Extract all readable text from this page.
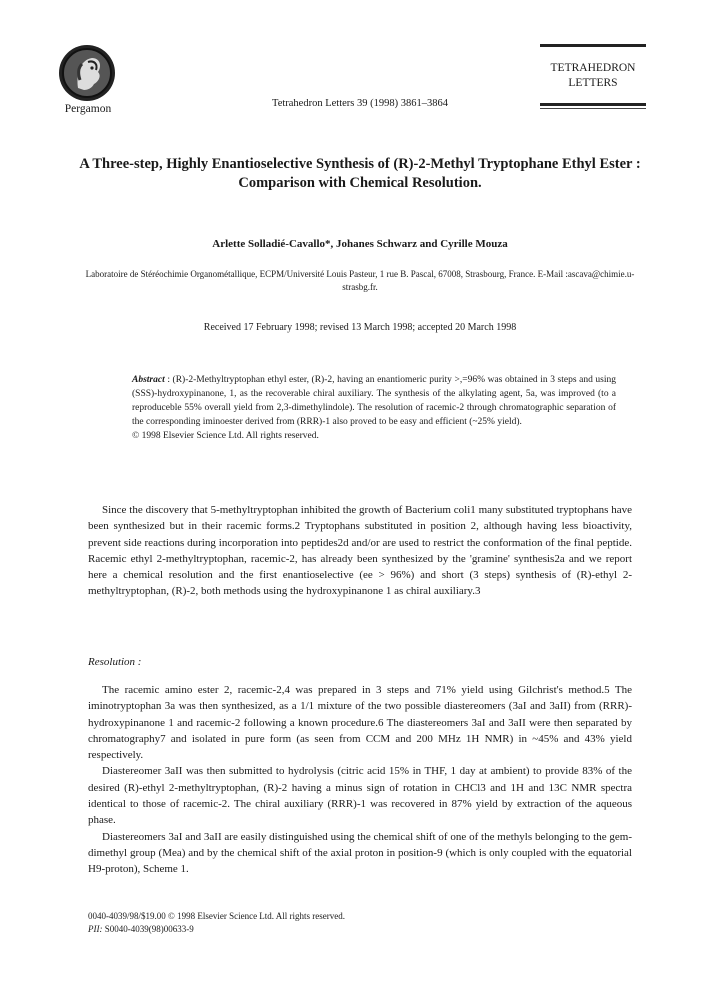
Pergamon	Tetrahedron Letters 39 (1998) 3861–3864
TETRAHEDRON
LETTERS
A Three-step, Highly Enantioselective Synthesis of (R)-2-Methyl Tryptophane Ethyl Ester : Comparison with Chemical Resolution.
Arlette Solladié-Cavallo*, Johanes Schwarz and Cyrille Mouza
Laboratoire de Stéréochimie Organométallique, ECPM/Université Louis Pasteur, 1 rue B. Pascal, 67008, Strasbourg, France. E-Mail :ascava@chimie.u-strasbg.fr.
Received 17 February 1998; revised 13 March 1998; accepted 20 March 1998
Abstract : (R)-2-Methyltryptophan ethyl ester, (R)-2, having an enantiomeric purity >,=96% was obtained in 3 steps and using (SSS)-hydroxypinanone, 1, as the recoverable chiral auxiliary. The synthesis of the alkylating agent, 5a, was improved (to a reproduceble 55% overall yield from 2,3-dimethylindole). The resolution of racemic-2 through chromatographic separation of the corresponding iminoester derived from (RRR)-1 also proved to be easy and efficient (~25% yield).
© 1998 Elsevier Science Ltd. All rights reserved.

Since the discovery that 5-methyltryptophan inhibited the growth of Bacterium coli1 many substituted tryptophans have been synthesized but in their racemic forms.2 Tryptophans substituted in position 2, although having less bioactivity, prevent side reactions during incorporation into peptides2d and/or are used to restrict the conformation of the final peptide. Racemic ethyl 2-methyltryptophan, racemic-2, has already been synthesized by the 'gramine' synthesis2a and we report here a chemical resolution and the first enantioselective (ee > 96%) and short (3 steps) synthesis of (R)-ethyl 2-methyltryptophan, (R)-2, both methods using the hydroxypinanone 1 as chiral auxiliary.3

Resolution :

The racemic amino ester 2, racemic-2,4 was prepared in 3 steps and 71% yield using Gilchrist's method.5 The iminotryptophan 3a was then synthesized, as a 1/1 mixture of the two possible diastereomers (3aI and 3aII) from (RRR)-hydroxypinanone 1 and racemic-2 following a known procedure.6 The diastereomers 3aI and 3aII were then separated by chromatography7 and isolated in pure form (as seen from CCM and 200 MHz 1H NMR) in ~45% and 43% yield respectively.

Diastereomer 3aII was then submitted to hydrolysis (citric acid 15% in THF, 1 day at ambient) to provide 83% of the desired (R)-ethyl 2-methyltryptophan, (R)-2 having a minus sign of rotation in CHCl3 and 1H and 13C NMR spectra identical to those of racemic-2. The chiral auxiliary (RRR)-1 was recovered in 87% yield by extraction of the aqueous phase.

Diastereomers 3aI and 3aII are easily distinguished using the chemical shift of one of the methyls belonging to the gem-dimethyl group (Mea) and by the chemical shift of the axial proton in position-9 (which is only coupled with the equatorial H9-proton), Scheme 1.

0040-4039/98/$19.00 © 1998 Elsevier Science Ltd. All rights reserved.
PII: S0040-4039(98)00633-9
